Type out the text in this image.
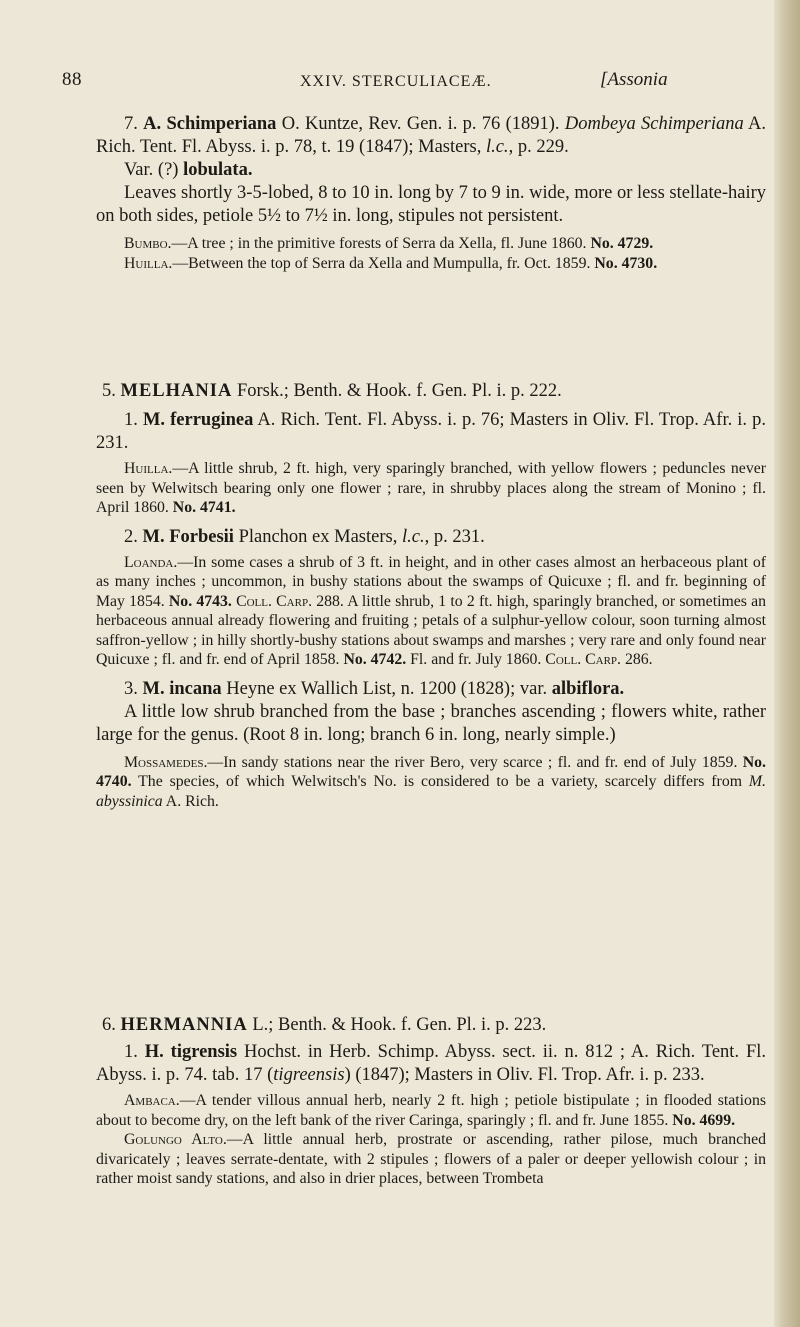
88	XXIV. STERCULIACEÆ.	[Assonia

7. A. Schimperiana O. Kuntze, Rev. Gen. i. p. 76 (1891). Dombeya Schimperiana A. Rich. Tent. Fl. Abyss. i. p. 78, t. 19 (1847); Masters, l.c., p. 229.

Var. (?) lobulata.

Leaves shortly 3-5-lobed, 8 to 10 in. long by 7 to 9 in. wide, more or less stellate-hairy on both sides, petiole 5½ to 7½ in. long, stipules not persistent.

Bumbo.—A tree ; in the primitive forests of Serra da Xella, fl. June 1860. No. 4729.

Huilla.—Between the top of Serra da Xella and Mumpulla, fr. Oct. 1859. No. 4730.

5. MELHANIA Forsk.; Benth. & Hook. f. Gen. Pl. i. p. 222.

1. M. ferruginea A. Rich. Tent. Fl. Abyss. i. p. 76; Masters in Oliv. Fl. Trop. Afr. i. p. 231.

Huilla.—A little shrub, 2 ft. high, very sparingly branched, with yellow flowers ; peduncles never seen by Welwitsch bearing only one flower ; rare, in shrubby places along the stream of Monino ; fl. April 1860. No. 4741.

2. M. Forbesii Planchon ex Masters, l.c., p. 231.

Loanda.—In some cases a shrub of 3 ft. in height, and in other cases almost an herbaceous plant of as many inches ; uncommon, in bushy stations about the swamps of Quicuxe ; fl. and fr. beginning of May 1854. No. 4743. Coll. Carp. 288. A little shrub, 1 to 2 ft. high, sparingly branched, or sometimes an herbaceous annual already flowering and fruiting ; petals of a sulphur-yellow colour, soon turning almost saffron-yellow ; in hilly shortly-bushy stations about swamps and marshes ; very rare and only found near Quicuxe ; fl. and fr. end of April 1858. No. 4742. Fl. and fr. July 1860. Coll. Carp. 286.

3. M. incana Heyne ex Wallich List, n. 1200 (1828); var. albiflora.

A little low shrub branched from the base ; branches ascending ; flowers white, rather large for the genus. (Root 8 in. long; branch 6 in. long, nearly simple.)

Mossamedes.—In sandy stations near the river Bero, very scarce ; fl. and fr. end of July 1859. No. 4740. The species, of which Welwitsch's No. is considered to be a variety, scarcely differs from M. abyssinica A. Rich.

6. HERMANNIA L.; Benth. & Hook. f. Gen. Pl. i. p. 223.

1. H. tigrensis Hochst. in Herb. Schimp. Abyss. sect. ii. n. 812 ; A. Rich. Tent. Fl. Abyss. i. p. 74. tab. 17 (tigreensis) (1847); Masters in Oliv. Fl. Trop. Afr. i. p. 233.

Ambaca.—A tender villous annual herb, nearly 2 ft. high ; petiole bistipulate ; in flooded stations about to become dry, on the left bank of the river Caringa, sparingly ; fl. and fr. June 1855. No. 4699.

Golungo Alto.—A little annual herb, prostrate or ascending, rather pilose, much branched divaricately ; leaves serrate-dentate, with 2 stipules ; flowers of a paler or deeper yellowish colour ; in rather moist sandy stations, and also in drier places, between Trombeta
